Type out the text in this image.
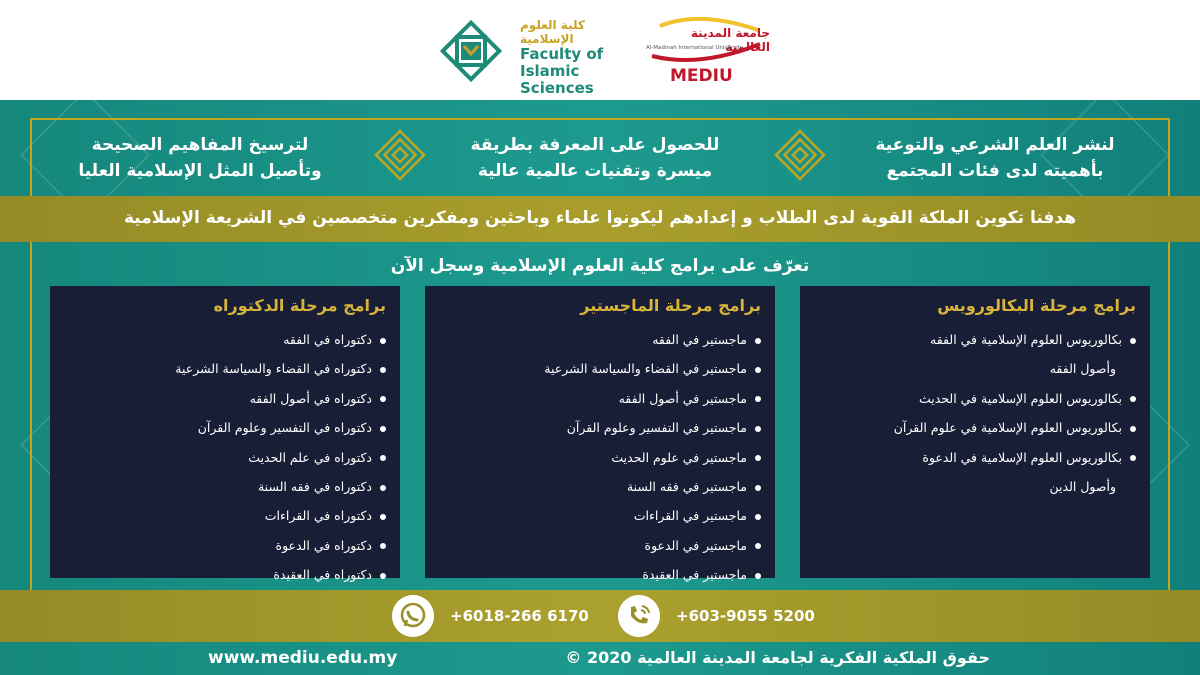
كلية العلوم الإسلامية
Faculty of
Islamic Sciences
جامعة المدينة العالمية
Al-Madinah International University
MEDIU
لنشر العلم الشرعي والتوعية
بأهميته لدى فئات المجتمع
للحصول على المعرفة بطريقة
ميسرة وتقنيات عالمية عالية
لترسيخ المفاهيم الصحيحة
وتأصيل المثل الإسلامية العليا
هدفنا تكوين الملكة القوية لدى الطلاب و إعدادهم ليكونوا علماء وباحثين ومفكرين متخصصين في الشريعة الإسلامية
تعرّف على برامج كلية العلوم الإسلامية وسجل الآن
برامج مرحلة البكالورويس
بكالوريوس العلوم الإسلامية في الفقه
وأصول الفقه
بكالوريوس العلوم الإسلامية في الحديث
بكالوريوس العلوم الإسلامية في علوم القرآن
بكالوريوس العلوم الإسلامية في الدعوة
وأصول الدين
برامج مرحلة الماجستير
ماجستير في الفقه
ماجستير في القضاء والسياسة الشرعية
ماجستير في أصول الفقه
ماجستير في التفسير وعلوم القرآن
ماجستير في علوم الحديث
ماجستير في فقه السنة
ماجستير في القراءات
ماجستير في الدعوة
ماجستير في العقيدة
برامج مرحلة الدكتوراه
دكتوراه في الفقه
دكتوراه في القضاء والسياسة الشرعية
دكتوراه في أصول الفقه
دكتوراه في التفسير وعلوم القرآن
دكتوراه في علم الحديث
دكتوراه في فقه السنة
دكتوراه في القراءات
دكتوراه في الدعوة
دكتوراه في العقيدة
+6018-266 6170	+603-9055 5200
www.mediu.edu.my	حقوق الملكية الفكرية لجامعة المدينة العالمية 2020 ©
